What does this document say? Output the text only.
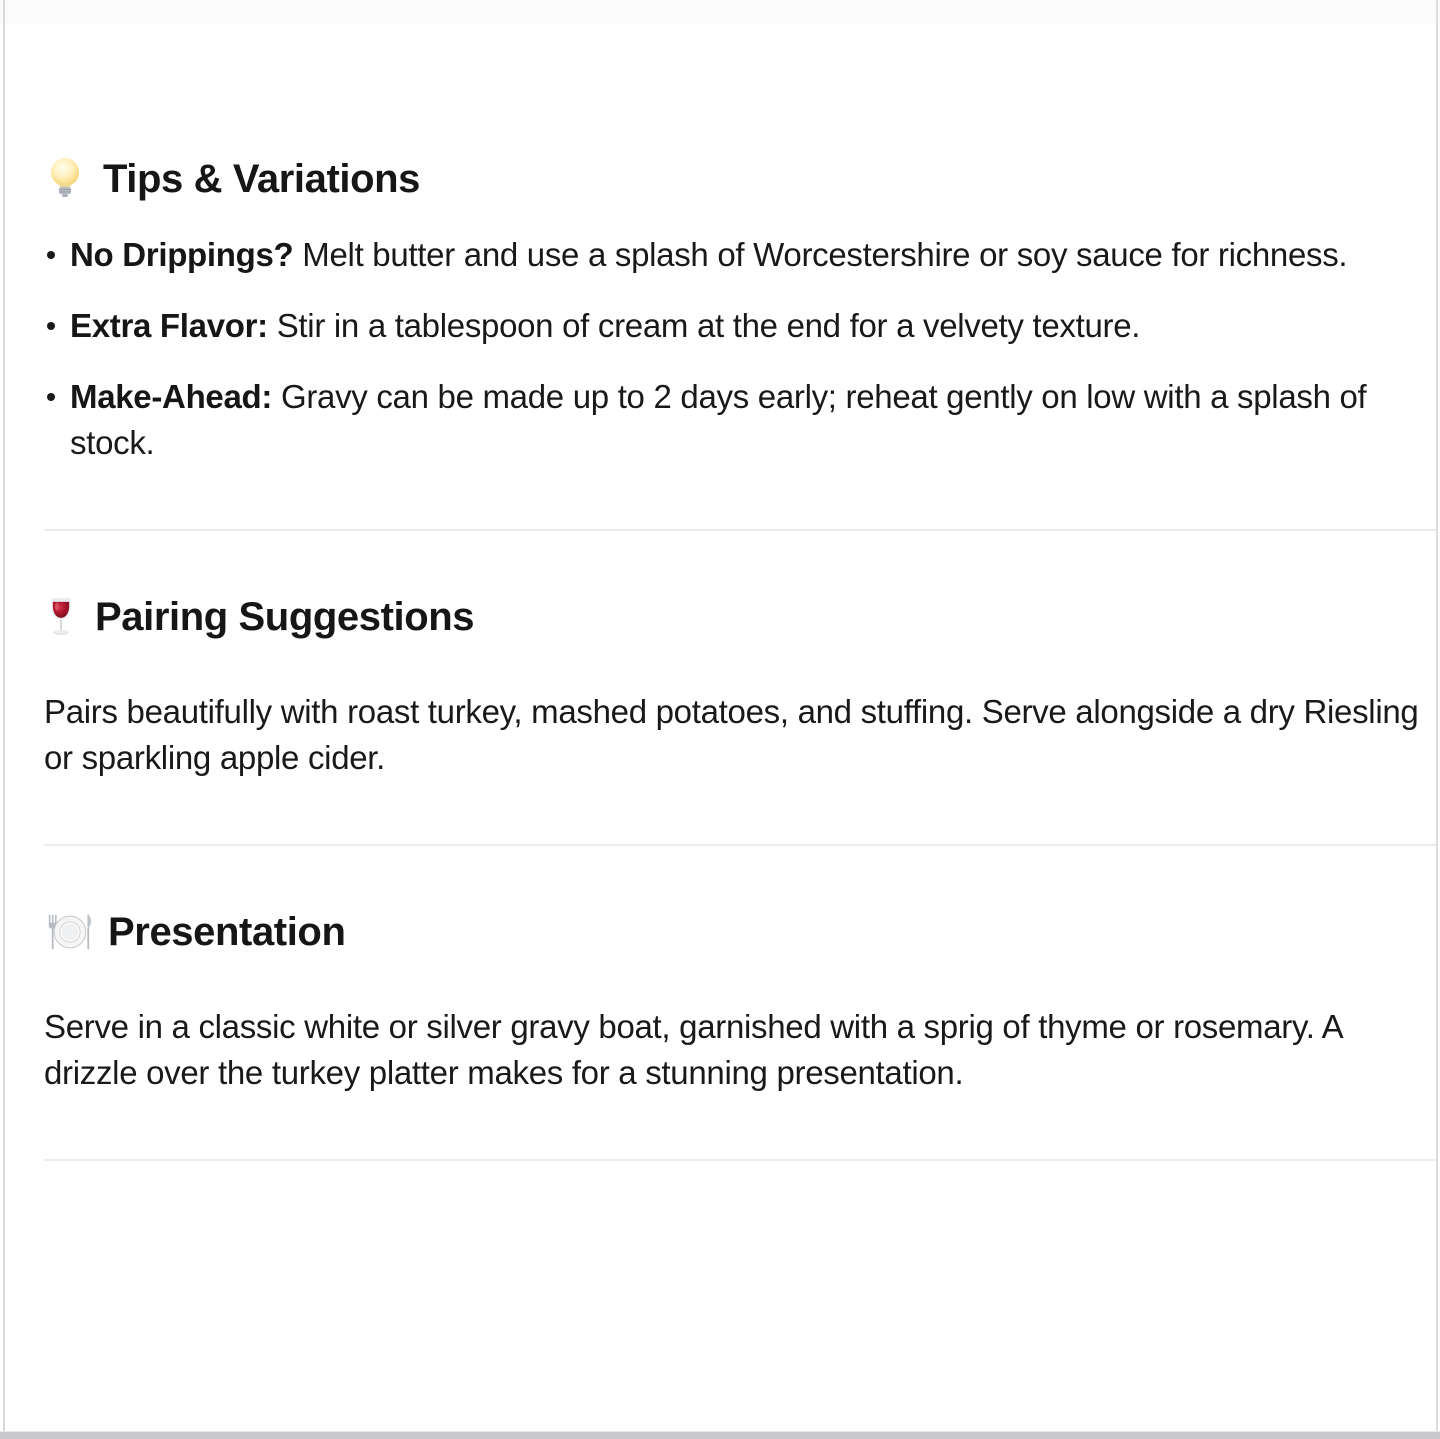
Tips & Variations
No Drippings? Melt butter and use a splash of Worcestershire or soy sauce for richness.
Extra Flavor: Stir in a tablespoon of cream at the end for a velvety texture.
Make-Ahead: Gravy can be made up to 2 days early; reheat gently on low with a splash of stock.
Pairing Suggestions

Pairs beautifully with roast turkey, mashed potatoes, and stuffing. Serve alongside a dry Riesling or sparkling apple cider.

Presentation

Serve in a classic white or silver gravy boat, garnished with a sprig of thyme or rosemary. A drizzle over the turkey platter makes for a stunning presentation.
